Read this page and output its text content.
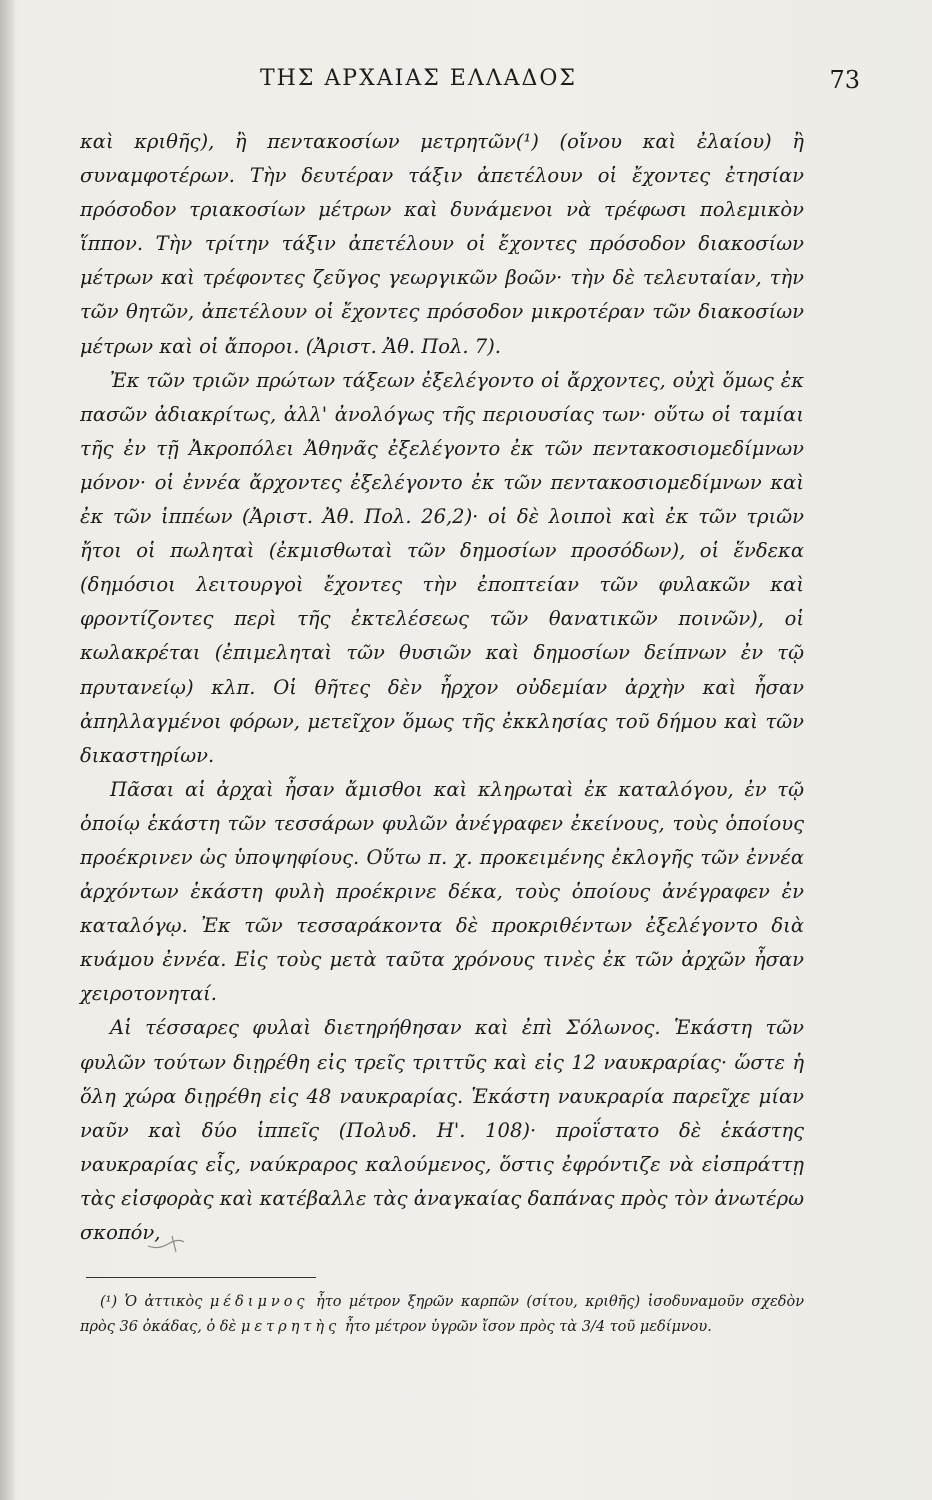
ΤΗΣ ΑΡΧΑΙΑΣ ΕΛΛΑΔΟΣ	73

καὶ κριθῆς), ἢ πεντακοσίων μετρητῶν(¹) (οἴνου καὶ ἐλαίου) ἢ συναμφοτέρων. Τὴν δευτέραν τάξιν ἀπετέλουν οἱ ἔχοντες ἐτησίαν πρόσοδον τριακοσίων μέτρων καὶ δυνάμενοι νὰ τρέφωσι πολεμικὸν ἵππον. Τὴν τρίτην τάξιν ἀπετέλουν οἱ ἔχοντες πρόσοδον διακοσίων μέτρων καὶ τρέφοντες ζεῦγος γεωργικῶν βοῶν· τὴν δὲ τελευταίαν, τὴν τῶν θητῶν, ἀπετέλουν οἱ ἔχοντες πρόσοδον μικροτέραν τῶν διακοσίων μέτρων καὶ οἱ ἄποροι. (Ἀριστ. Ἀθ. Πολ. 7).

Ἐκ τῶν τριῶν πρώτων τάξεων ἐξελέγοντο οἱ ἄρχοντες, οὐχὶ ὅμως ἐκ πασῶν ἀδιακρίτως, ἀλλ' ἀνολόγως τῆς περιουσίας των· οὕτω οἱ ταμίαι τῆς ἐν τῇ Ἀκροπόλει Ἀθηνᾶς ἐξελέγοντο ἐκ τῶν πεντακοσιομεδίμνων μόνον· οἱ ἐννέα ἄρχοντες ἐξελέγοντο ἐκ τῶν πεντακοσιομεδίμνων καὶ ἐκ τῶν ἱππέων (Ἀριστ. Ἀθ. Πολ. 26,2)· οἱ δὲ λοιποὶ καὶ ἐκ τῶν τριῶν ἤτοι οἱ πωληταὶ (ἐκμισθωταὶ τῶν δημοσίων προσόδων), οἱ ἕνδεκα (δημόσιοι λειτουργοὶ ἔχοντες τὴν ἐποπτείαν τῶν φυλακῶν καὶ φροντίζοντες περὶ τῆς ἐκτελέσεως τῶν θανατικῶν ποινῶν), οἱ κωλακρέται (ἐπιμεληταὶ τῶν θυσιῶν καὶ δημοσίων δείπνων ἐν τῷ πρυτανείῳ) κλπ. Οἱ θῆτες δὲν ἦρχον οὐδεμίαν ἀρχὴν καὶ ἦσαν ἀπηλλαγμένοι φόρων, μετεῖχον ὅμως τῆς ἐκκλησίας τοῦ δήμου καὶ τῶν δικαστηρίων.

Πᾶσαι αἱ ἀρχαὶ ἦσαν ἄμισθοι καὶ κληρωταὶ ἐκ καταλόγου, ἐν τῷ ὁποίῳ ἑκάστη τῶν τεσσάρων φυλῶν ἀνέγραφεν ἐκείνους, τοὺς ὁποίους προέκρινεν ὡς ὑποψηφίους. Οὕτω π. χ. προκειμένης ἐκλογῆς τῶν ἐννέα ἀρχόντων ἑκάστη φυλὴ προέκρινε δέκα, τοὺς ὁποίους ἀνέγραφεν ἐν καταλόγῳ. Ἐκ τῶν τεσσαράκοντα δὲ προκριθέντων ἐξελέγοντο διὰ κυάμου ἐννέα. Εἰς τοὺς μετὰ ταῦτα χρόνους τινὲς ἐκ τῶν ἀρχῶν ἦσαν χειροτονηταί.

Αἱ τέσσαρες φυλαὶ διετηρήθησαν καὶ ἐπὶ Σόλωνος. Ἑκάστη τῶν φυλῶν τούτων διῃρέθη εἰς τρεῖς τριττῦς καὶ εἰς 12 ναυκραρίας· ὥστε ἡ ὅλη χώρα διῃρέθη εἰς 48 ναυκραρίας. Ἑκάστη ναυκραρία παρεῖχε μίαν ναῦν καὶ δύο ἱππεῖς (Πολυδ. Η'. 108)· προΐστατο δὲ ἑκάστης ναυκραρίας εἷς, ναύκραρος καλούμενος, ὅστις ἐφρόντιζε νὰ εἰσπράττῃ τὰς εἰσφορὰς καὶ κατέβαλλε τὰς ἀναγκαίας δαπάνας πρὸς τὸν ἀνωτέρω σκοπόν,

(¹) Ὁ ἀττικὸς μέδιμνος ἦτο μέτρον ξηρῶν καρπῶν (σίτου, κριθῆς) ἰσοδυναμοῦν σχεδὸν πρὸς 36 ὀκάδας, ὁ δὲ μετρητὴς ἦτο μέτρον ὑγρῶν ἴσον πρὸς τὰ 3/4 τοῦ μεδίμνου.
